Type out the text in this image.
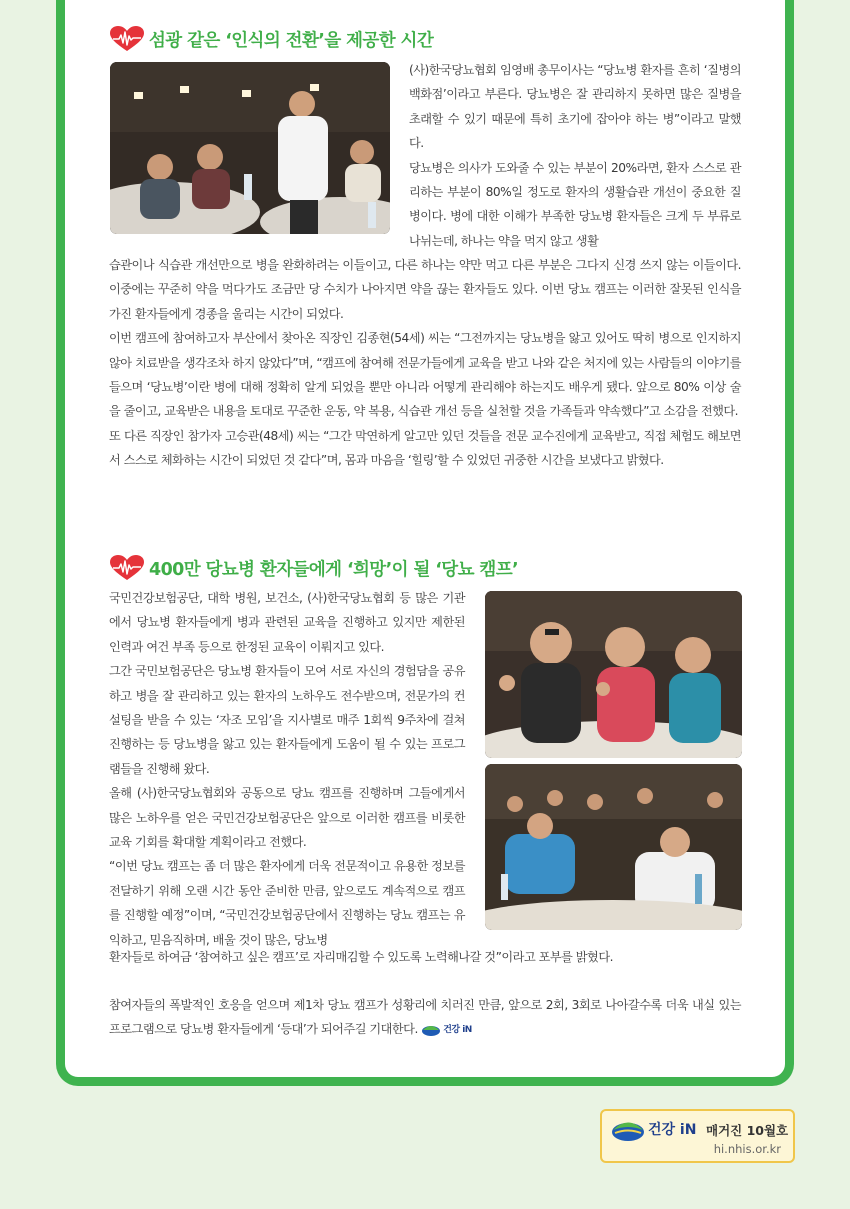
섬광 같은 ‘인식의 전환’을 제공한 시간

(사)한국당뇨협회 임영배 총무이사는 “당뇨병 환자를 흔히 ‘질병의 백화점’이라고 부른다. 당뇨병은 잘 관리하지 못하면 많은 질병을 초래할 수 있기 때문에 특히 초기에 잡아야 하는 병”이라고 말했다.

당뇨병은 의사가 도와줄 수 있는 부분이 20%라면, 환자 스스로 관리하는 부분이 80%일 정도로 환자의 생활습관 개선이 중요한 질병이다. 병에 대한 이해가 부족한 당뇨병 환자들은 크게 두 부류로 나뉘는데, 하나는 약을 먹지 않고 생활

습관이나 식습관 개선만으로 병을 완화하려는 이들이고, 다른 하나는 약만 먹고 다른 부분은 그다지 신경 쓰지 않는 이들이다. 이중에는 꾸준히 약을 먹다가도 조금만 당 수치가 나아지면 약을 끊는 환자들도 있다. 이번 당뇨 캠프는 이러한 잘못된 인식을 가진 환자들에게 경종을 울리는 시간이 되었다.

이번 캠프에 참여하고자 부산에서 찾아온 직장인 김종현(54세) 씨는 “그전까지는 당뇨병을 앓고 있어도 딱히 병으로 인지하지 않아 치료받을 생각조차 하지 않았다”며, “캠프에 참여해 전문가들에게 교육을 받고 나와 같은 처지에 있는 사람들의 이야기를 들으며 ‘당뇨병’이란 병에 대해 정확히 알게 되었을 뿐만 아니라 어떻게 관리해야 하는지도 배우게 됐다. 앞으로 80% 이상 술을 줄이고, 교육받은 내용을 토대로 꾸준한 운동, 약 복용, 식습관 개선 등을 실천할 것을 가족들과 약속했다”고 소감을 전했다.

또 다른 직장인 참가자 고승관(48세) 씨는 “그간 막연하게 알고만 있던 것들을 전문 교수진에게 교육받고, 직접 체험도 해보면서 스스로 체화하는 시간이 되었던 것 같다”며, 몸과 마음을 ‘힐링’할 수 있었던 귀중한 시간을 보냈다고 밝혔다.

400만 당뇨병 환자들에게 ‘희망’이 될 ‘당뇨 캠프’

국민건강보험공단, 대학 병원, 보건소, (사)한국당뇨협회 등 많은 기관에서 당뇨병 환자들에게 병과 관련된 교육을 진행하고 있지만 제한된 인력과 여건 부족 등으로 한정된 교육이 이뤄지고 있다.

그간 국민보험공단은 당뇨병 환자들이 모여 서로 자신의 경험담을 공유하고 병을 잘 관리하고 있는 환자의 노하우도 전수받으며, 전문가의 컨설팅을 받을 수 있는 ‘자조 모임’을 지사별로 매주 1회씩 9주차에 걸쳐 진행하는 등 당뇨병을 앓고 있는 환자들에게 도움이 될 수 있는 프로그램들을 진행해 왔다.

올해 (사)한국당뇨협회와 공동으로 당뇨 캠프를 진행하며 그들에게서 많은 노하우를 얻은 국민건강보험공단은 앞으로 이러한 캠프를 비롯한 교육 기회를 확대할 계획이라고 전했다.

“이번 당뇨 캠프는 좀 더 많은 환자에게 더욱 전문적이고 유용한 정보를 전달하기 위해 오랜 시간 동안 준비한 만큼, 앞으로도 계속적으로 캠프를 진행할 예정”이며, “국민건강보험공단에서 진행하는 당뇨 캠프는 유익하고, 믿음직하며, 배울 것이 많은, 당뇨병

환자들로 하여금 ‘참여하고 싶은 캠프’로 자리매김할 수 있도록 노력해나갈 것”이라고 포부를 밝혔다.

참여자들의 폭발적인 호응을 얻으며 제1차 당뇨 캠프가 성황리에 치러진 만큼, 앞으로 2회, 3회로 나아갈수록 더욱 내실 있는 프로그램으로 당뇨병 환자들에게 ‘등대’가 되어주길 기대한다.	건강 iN

건강 iN 매거진 10월호
hi.nhis.or.kr
